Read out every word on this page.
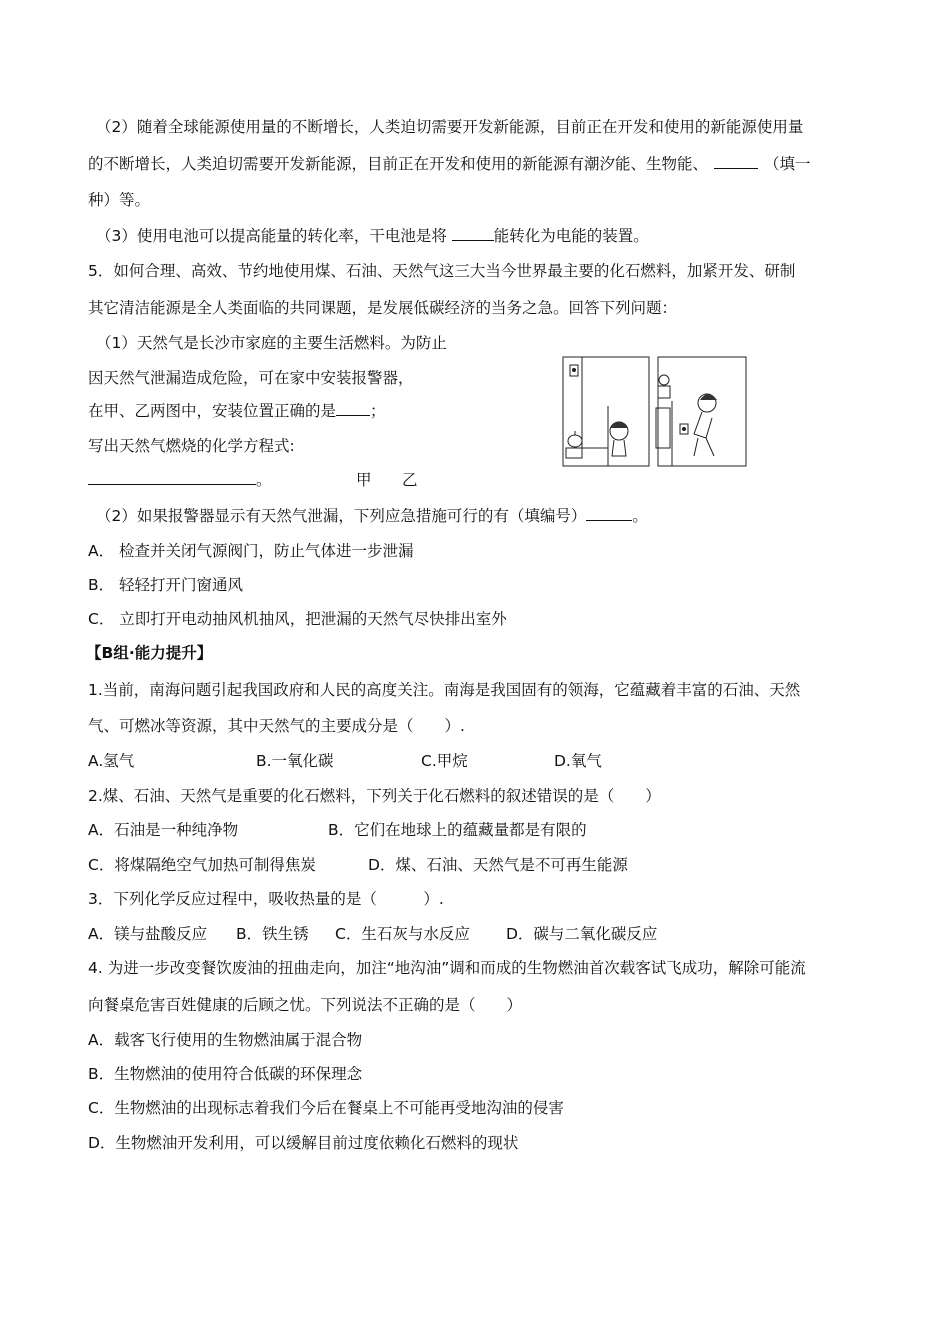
（2）随着全球能源使用量的不断增长，人类迫切需要开发新能源，目前正在开发和使用的新能源使用量
的不断增长，人类迫切需要开发新能源，目前正在开发和使用的新能源有潮汐能、生物能、	（填一
种）等。
（3）使用电池可以提高能量的转化率，干电池是将	能转化为电能的装置。
5．如何合理、高效、节约地使用煤、石油、天然气这三大当今世界最主要的化石燃料，加紧开发、研制
其它清洁能源是全人类面临的共同课题，是发展低碳经济的当务之急。回答下列问题：
（1）天然气是长沙市家庭的主要生活燃料。为防止
因天然气泄漏造成危险，可在家中安装报警器，
在甲、乙两图中，安装位置正确的是 ；
写出天然气燃烧的化学方程式:
。	甲 乙
（2）如果报警器显示有天然气泄漏，下列应急措施可行的有（填编号）	。
A． 检查并关闭气源阀门，防止气体进一步泄漏
B． 轻轻打开门窗通风
C． 立即打开电动抽风机抽风，把泄漏的天然气尽快排出室外
【B组·能力提升】
1.当前，南海问题引起我国政府和人民的高度关注。南海是我国固有的领海，它蕴藏着丰富的石油、天然
气、可燃冰等资源，其中天然气的主要成分是（　　）.
A.氢气	B.一氧化碳	C.甲烷	D.氧气
2.煤、石油、天然气是重要的化石燃料，下列关于化石燃料的叙述错误的是（　　）
A．石油是一种纯净物	B．它们在地球上的蕴藏量都是有限的
C．将煤隔绝空气加热可制得焦炭	D．煤、石油、天然气是不可再生能源
3．下列化学反应过程中，吸收热量的是（　　　）.
A．镁与盐酸反应 B．铁生锈 C．生石灰与水反应 D．碳与二氧化碳反应
4. 为进一步改变餐饮废油的扭曲走向，加注“地沟油”调和而成的生物燃油首次载客试飞成功，解除可能流
向餐桌危害百姓健康的后顾之忧。下列说法不正确的是（　　）
A．载客飞行使用的生物燃油属于混合物
B．生物燃油的使用符合低碳的环保理念
C．生物燃油的出现标志着我们今后在餐桌上不可能再受地沟油的侵害
D．生物燃油开发利用，可以缓解目前过度依赖化石燃料的现状
